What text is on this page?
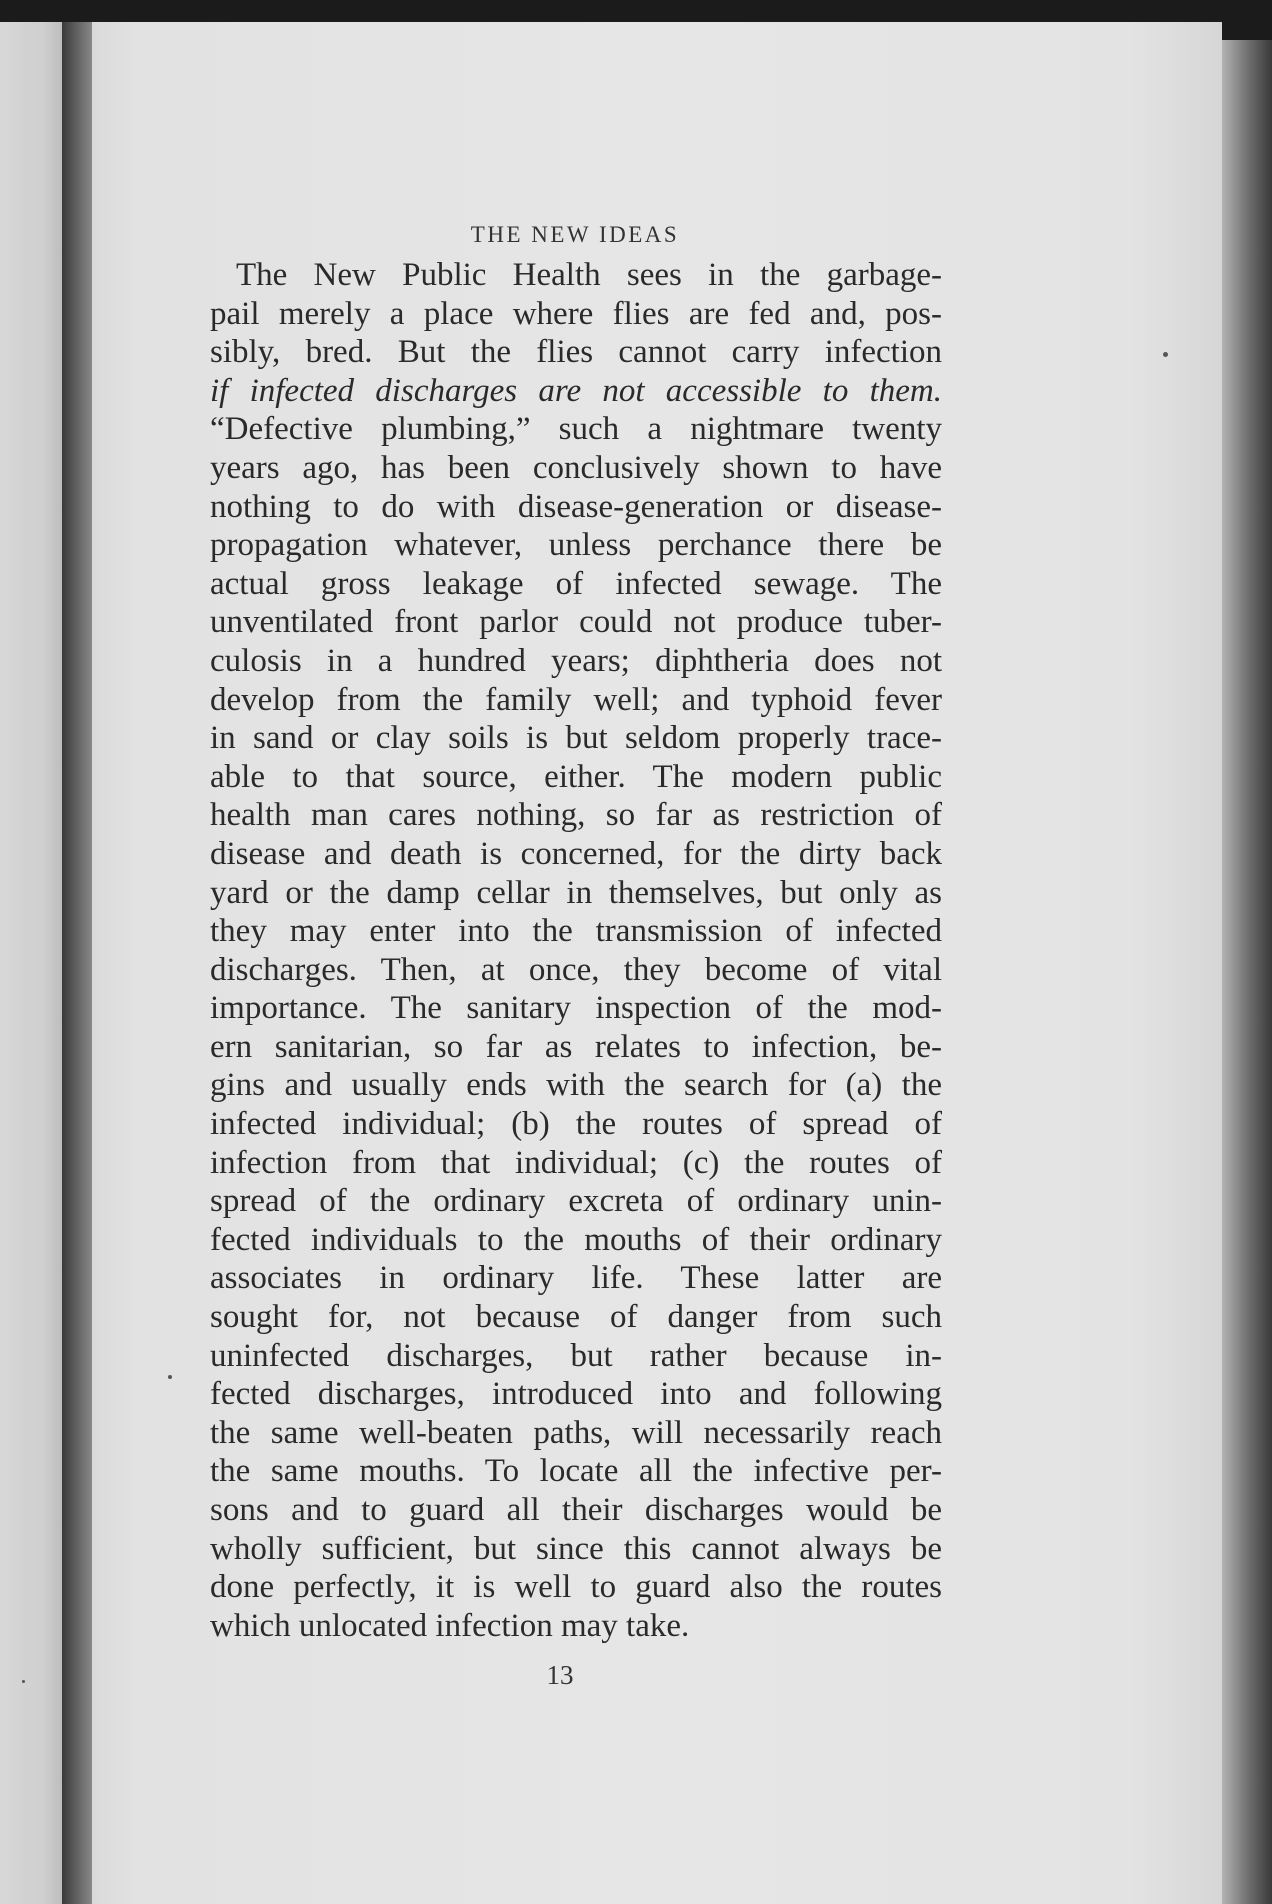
THE NEW IDEAS
The New Public Health sees in the garbage-
pail merely a place where flies are fed and, pos-
sibly, bred. But the flies cannot carry infection
if infected discharges are not accessible to them.
“Defective plumbing,” such a nightmare twenty
years ago, has been conclusively shown to have
nothing to do with disease-generation or disease-
propagation whatever, unless perchance there be
actual gross leakage of infected sewage. The
unventilated front parlor could not produce tuber-
culosis in a hundred years; diphtheria does not
develop from the family well; and typhoid fever
in sand or clay soils is but seldom properly trace-
able to that source, either. The modern public
health man cares nothing, so far as restriction of
disease and death is concerned, for the dirty back
yard or the damp cellar in themselves, but only as
they may enter into the transmission of infected
discharges. Then, at once, they become of vital
importance. The sanitary inspection of the mod-
ern sanitarian, so far as relates to infection, be-
gins and usually ends with the search for (a) the
infected individual; (b) the routes of spread of
infection from that individual; (c) the routes of
spread of the ordinary excreta of ordinary unin-
fected individuals to the mouths of their ordinary
associates in ordinary life. These latter are
sought for, not because of danger from such
uninfected discharges, but rather because in-
fected discharges, introduced into and following
the same well-beaten paths, will necessarily reach
the same mouths. To locate all the infective per-
sons and to guard all their discharges would be
wholly sufficient, but since this cannot always be
done perfectly, it is well to guard also the routes
which unlocated infection may take.
13
